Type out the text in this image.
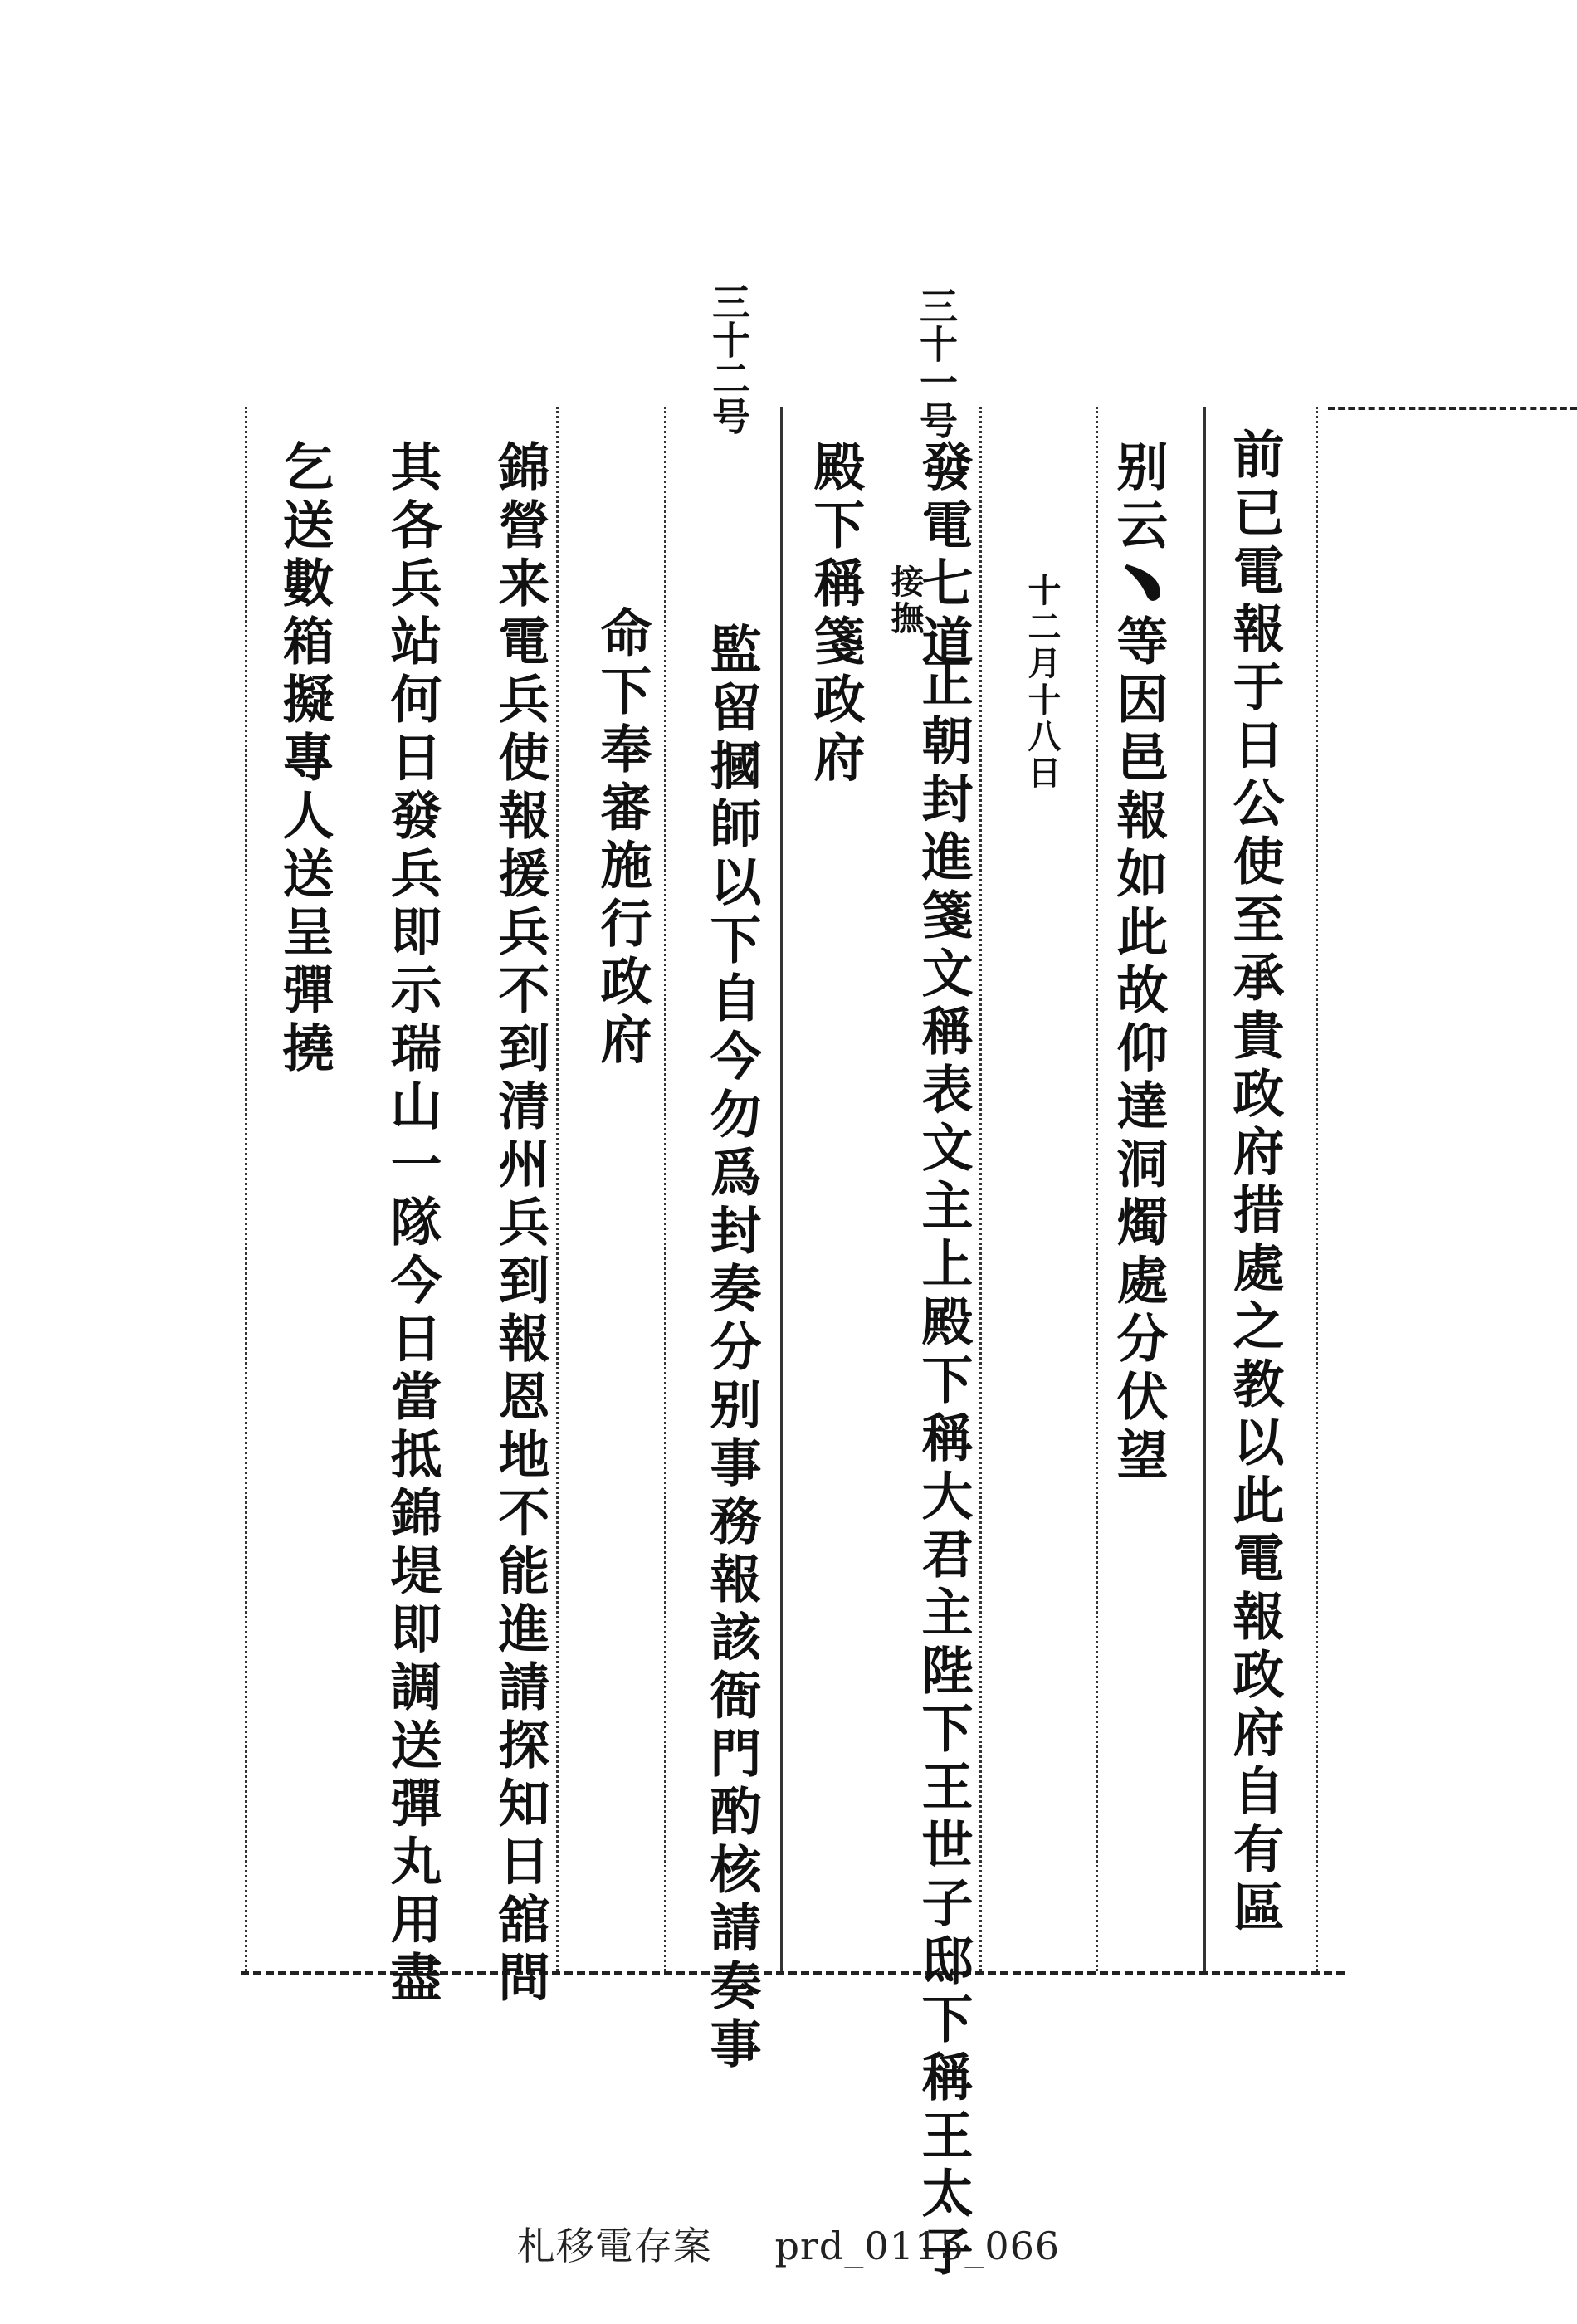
前已電報于日公使至承貴政府措處之教以此電報政府自有區
别云﹅等因邑報如此故仰達洞燭處分伏望
十二月十八日
三十一号
發電七道
接撫
正朝封進箋文稱表文主上殿下稱大君主陛下王世子邸下稱王太子
殿下稱箋政府
監留摑師以下自今勿爲封奏分别事務報該衙門酌核請奏事
三十二号
命下奉審施行政府
錦營来電兵使報援兵不到清州兵到報恩地不能進請探知日舘問
其各兵站何日發兵即示瑞山一隊今日當抵錦堤即調送彈丸用盡
乞送數箱擬專人送呈彈撓
札移電存案 prd_0115_066
